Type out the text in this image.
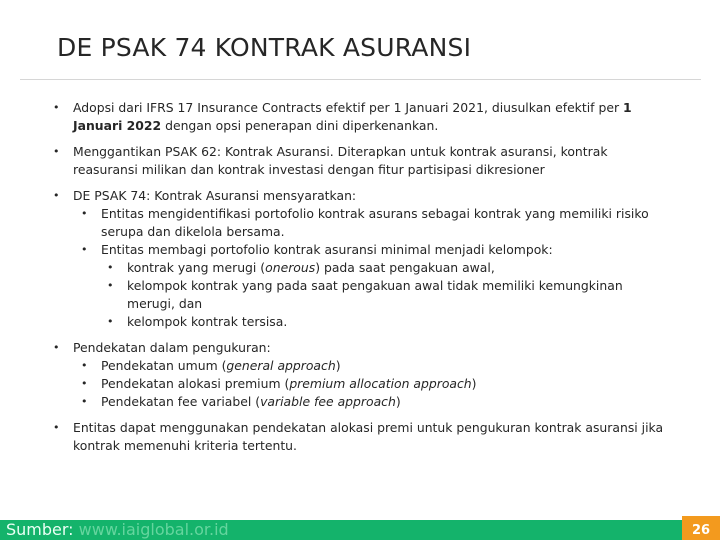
DE PSAK 74 KONTRAK ASURANSI
•	Adopsi dari IFRS 17 Insurance Contracts efektif per 1 Januari 2021, diusulkan efektif per 1 Januari 2022 dengan opsi penerapan dini diperkenankan.
•	Menggantikan PSAK 62: Kontrak Asuransi. Diterapkan untuk kontrak asuransi, kontrak reasuransi milikan dan kontrak investasi dengan fitur partisipasi dikresioner
•	DE PSAK 74: Kontrak Asuransi mensyaratkan:
•	Entitas mengidentifikasi portofolio kontrak asurans sebagai kontrak yang memiliki risiko serupa dan dikelola bersama.
•	Entitas membagi portofolio kontrak asuransi minimal menjadi kelompok:
•	kontrak yang merugi (onerous) pada saat pengakuan awal,
•	kelompok kontrak yang pada saat pengakuan awal tidak memiliki kemungkinan merugi, dan
•	kelompok kontrak tersisa.
•	Pendekatan dalam pengukuran:
•	Pendekatan umum (general approach)
•	Pendekatan alokasi premium (premium allocation approach)
•	Pendekatan fee variabel (variable fee approach)
•	Entitas dapat menggunakan pendekatan alokasi premi untuk pengukuran kontrak asuransi jika kontrak memenuhi kriteria tertentu.
Sumber: www.iaiglobal.or.id	26
